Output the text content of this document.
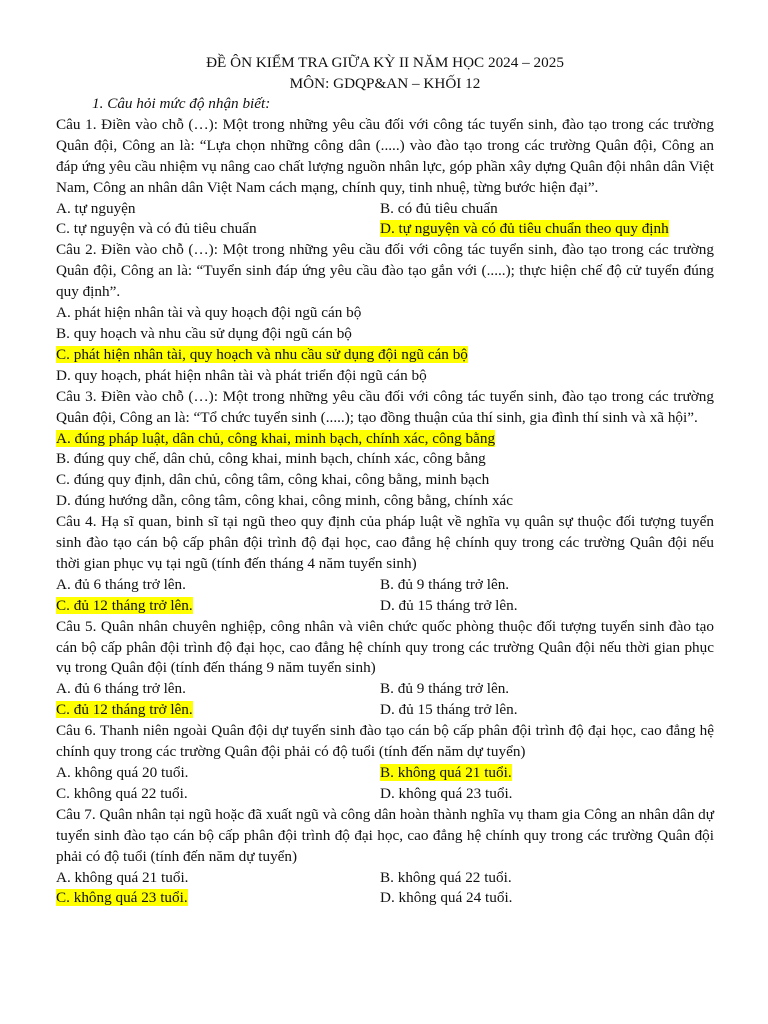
ĐỀ ÔN KIỂM TRA GIỮA KỲ II NĂM HỌC 2024 – 2025

MÔN: GDQP&AN – KHỐI 12

1. Câu hỏi mức độ nhận biết:
Câu 1. Điền vào chỗ (…): Một trong những yêu cầu đối với công tác tuyển sinh, đào tạo trong các trường Quân đội, Công an là: “Lựa chọn những công dân (.....) vào đào tạo trong các trường Quân đội, Công an đáp ứng yêu cầu nhiệm vụ nâng cao chất lượng nguồn nhân lực, góp phần xây dựng Quân đội nhân dân Việt Nam, Công an nhân dân Việt Nam cách mạng, chính quy, tinh nhuệ, từng bước hiện đại”.
A. tự nguyện	B. có đủ tiêu chuẩn
C. tự nguyện và có đủ tiêu chuẩn	D. tự nguyện và có đủ tiêu chuẩn theo quy định
Câu 2. Điền vào chỗ (…): Một trong những yêu cầu đối với công tác tuyển sinh, đào tạo trong các trường Quân đội, Công an là: “Tuyển sinh đáp ứng yêu cầu đào tạo gắn với (.....); thực hiện chế độ cử tuyển đúng quy định”.
A. phát hiện nhân tài và quy hoạch đội ngũ cán bộ
B. quy hoạch và nhu cầu sử dụng đội ngũ cán bộ
C. phát hiện nhân tài, quy hoạch và nhu cầu sử dụng đội ngũ cán bộ
D. quy hoạch, phát hiện nhân tài và phát triển đội ngũ cán bộ
Câu 3. Điền vào chỗ (…): Một trong những yêu cầu đối với công tác tuyển sinh, đào tạo trong các trường Quân đội, Công an là: “Tổ chức tuyển sinh (.....); tạo đồng thuận của thí sinh, gia đình thí sinh và xã hội”.
A. đúng pháp luật, dân chủ, công khai, minh bạch, chính xác, công bằng
B. đúng quy chế, dân chủ, công khai, minh bạch, chính xác, công bằng
C. đúng quy định, dân chủ, công tâm, công khai, công bằng, minh bạch
D. đúng hướng dẫn, công tâm, công khai, công minh, công bằng, chính xác
Câu 4. Hạ sĩ quan, binh sĩ tại ngũ theo quy định của pháp luật về nghĩa vụ quân sự thuộc đối tượng tuyển sinh đào tạo cán bộ cấp phân đội trình độ đại học, cao đẳng hệ chính quy trong các trường Quân đội nếu thời gian phục vụ tại ngũ (tính đến tháng 4 năm tuyển sinh)
A. đủ 6 tháng trở lên.	B. đủ 9 tháng trở lên.
C. đủ 12 tháng trở lên.	D. đủ 15 tháng trở lên.
Câu 5. Quân nhân chuyên nghiệp, công nhân và viên chức quốc phòng thuộc đối tượng tuyển sinh đào tạo cán bộ cấp phân đội trình độ đại học, cao đẳng hệ chính quy trong các trường Quân đội nếu thời gian phục vụ trong Quân đội (tính đến tháng 9 năm tuyển sinh)
A. đủ 6 tháng trở lên.	B. đủ 9 tháng trở lên.
C. đủ 12 tháng trở lên.	D. đủ 15 tháng trở lên.
Câu 6. Thanh niên ngoài Quân đội dự tuyển sinh đào tạo cán bộ cấp phân đội trình độ đại học, cao đẳng hệ chính quy trong các trường Quân đội phải có độ tuổi (tính đến năm dự tuyển)
A. không quá 20 tuổi.	B. không quá 21 tuổi.
C. không quá 22 tuổi.	D. không quá 23 tuổi.
Câu 7. Quân nhân tại ngũ hoặc đã xuất ngũ và công dân hoàn thành nghĩa vụ tham gia Công an nhân dân dự tuyển sinh đào tạo cán bộ cấp phân đội trình độ đại học, cao đẳng hệ chính quy trong các trường Quân đội phải có độ tuổi (tính đến năm dự tuyển)
A. không quá 21 tuổi.	B. không quá 22 tuổi.
C. không quá 23 tuổi.	D. không quá 24 tuổi.
